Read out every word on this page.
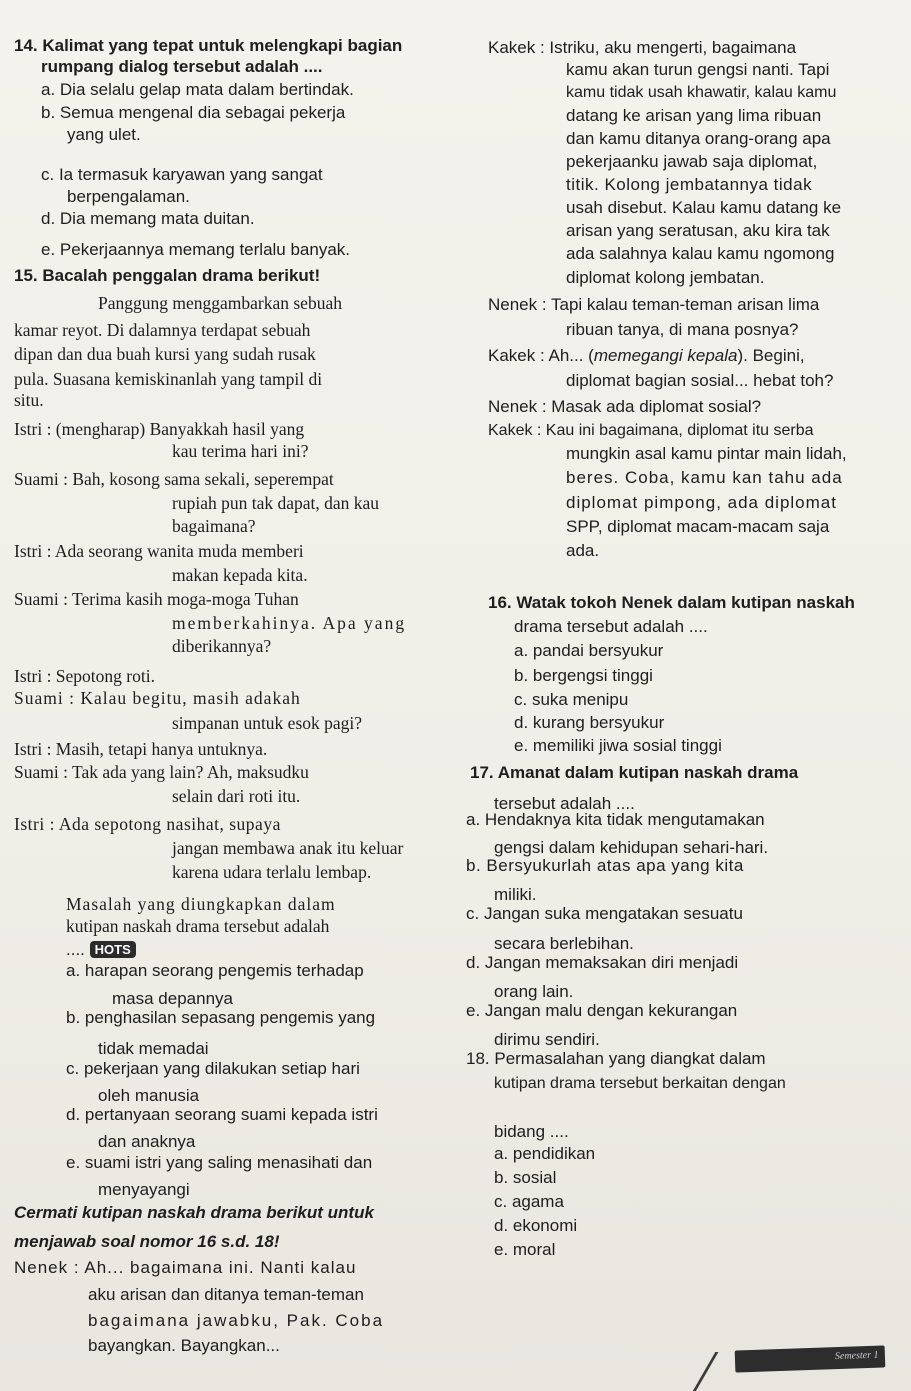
14. Kalimat yang tepat untuk melengkapi bagian
rumpang dialog tersebut adalah ....
a. Dia selalu gelap mata dalam bertindak.
b. Semua mengenal dia sebagai pekerja
yang ulet.
c. Ia termasuk karyawan yang sangat
berpengalaman.
d. Dia memang mata duitan.
e. Pekerjaannya memang terlalu banyak.
15. Bacalah penggalan drama berikut!
Panggung menggambarkan sebuah
kamar reyot. Di dalamnya terdapat sebuah
dipan dan dua buah kursi yang sudah rusak
pula. Suasana kemiskinanlah yang tampil di
situ.
Istri : (mengharap) Banyakkah hasil yang
kau terima hari ini?
Suami : Bah, kosong sama sekali, seperempat
rupiah pun tak dapat, dan kau
bagaimana?
Istri : Ada seorang wanita muda memberi
makan kepada kita.
Suami : Terima kasih moga-moga Tuhan
memberkahinya. Apa yang
diberikannya?
Istri : Sepotong roti.
Suami : Kalau begitu, masih adakah
simpanan untuk esok pagi?
Istri : Masih, tetapi hanya untuknya.
Suami : Tak ada yang lain? Ah, maksudku
selain dari roti itu.
Istri : Ada sepotong nasihat, supaya
jangan membawa anak itu keluar
karena udara terlalu lembap.
Masalah yang diungkapkan dalam
kutipan naskah drama tersebut adalah
.... HOTS
a. harapan seorang pengemis terhadap
masa depannya
b. penghasilan sepasang pengemis yang
tidak memadai
c. pekerjaan yang dilakukan setiap hari
oleh manusia
d. pertanyaan seorang suami kepada istri
dan anaknya
e. suami istri yang saling menasihati dan
menyayangi
Cermati kutipan naskah drama berikut untuk
menjawab soal nomor 16 s.d. 18!
Nenek : Ah... bagaimana ini. Nanti kalau
aku arisan dan ditanya teman-teman
bagaimana jawabku, Pak. Coba
bayangkan. Bayangkan...
Kakek : Istriku, aku mengerti, bagaimana
kamu akan turun gengsi nanti. Tapi
kamu tidak usah khawatir, kalau kamu
datang ke arisan yang lima ribuan
dan kamu ditanya orang-orang apa
pekerjaanku jawab saja diplomat,
titik. Kolong jembatannya tidak
usah disebut. Kalau kamu datang ke
arisan yang seratusan, aku kira tak
ada salahnya kalau kamu ngomong
diplomat kolong jembatan.
Nenek : Tapi kalau teman-teman arisan lima
ribuan tanya, di mana posnya?
Kakek : Ah... (memegangi kepala). Begini,
diplomat bagian sosial... hebat toh?
Nenek : Masak ada diplomat sosial?
Kakek : Kau ini bagaimana, diplomat itu serba
mungkin asal kamu pintar main lidah,
beres. Coba, kamu kan tahu ada
diplomat pimpong, ada diplomat
SPP, diplomat macam-macam saja
ada.
16. Watak tokoh Nenek dalam kutipan naskah
drama tersebut adalah ....
a. pandai bersyukur
b. bergengsi tinggi
c. suka menipu
d. kurang bersyukur
e. memiliki jiwa sosial tinggi
17. Amanat dalam kutipan naskah drama
tersebut adalah ....
a. Hendaknya kita tidak mengutamakan
gengsi dalam kehidupan sehari-hari.
b. Bersyukurlah atas apa yang kita
miliki.
c. Jangan suka mengatakan sesuatu
secara berlebihan.
d. Jangan memaksakan diri menjadi
orang lain.
e. Jangan malu dengan kekurangan
dirimu sendiri.
18. Permasalahan yang diangkat dalam
kutipan drama tersebut berkaitan dengan
bidang ....
a. pendidikan
b. sosial
c. agama
d. ekonomi
e. moral
Semester 1
